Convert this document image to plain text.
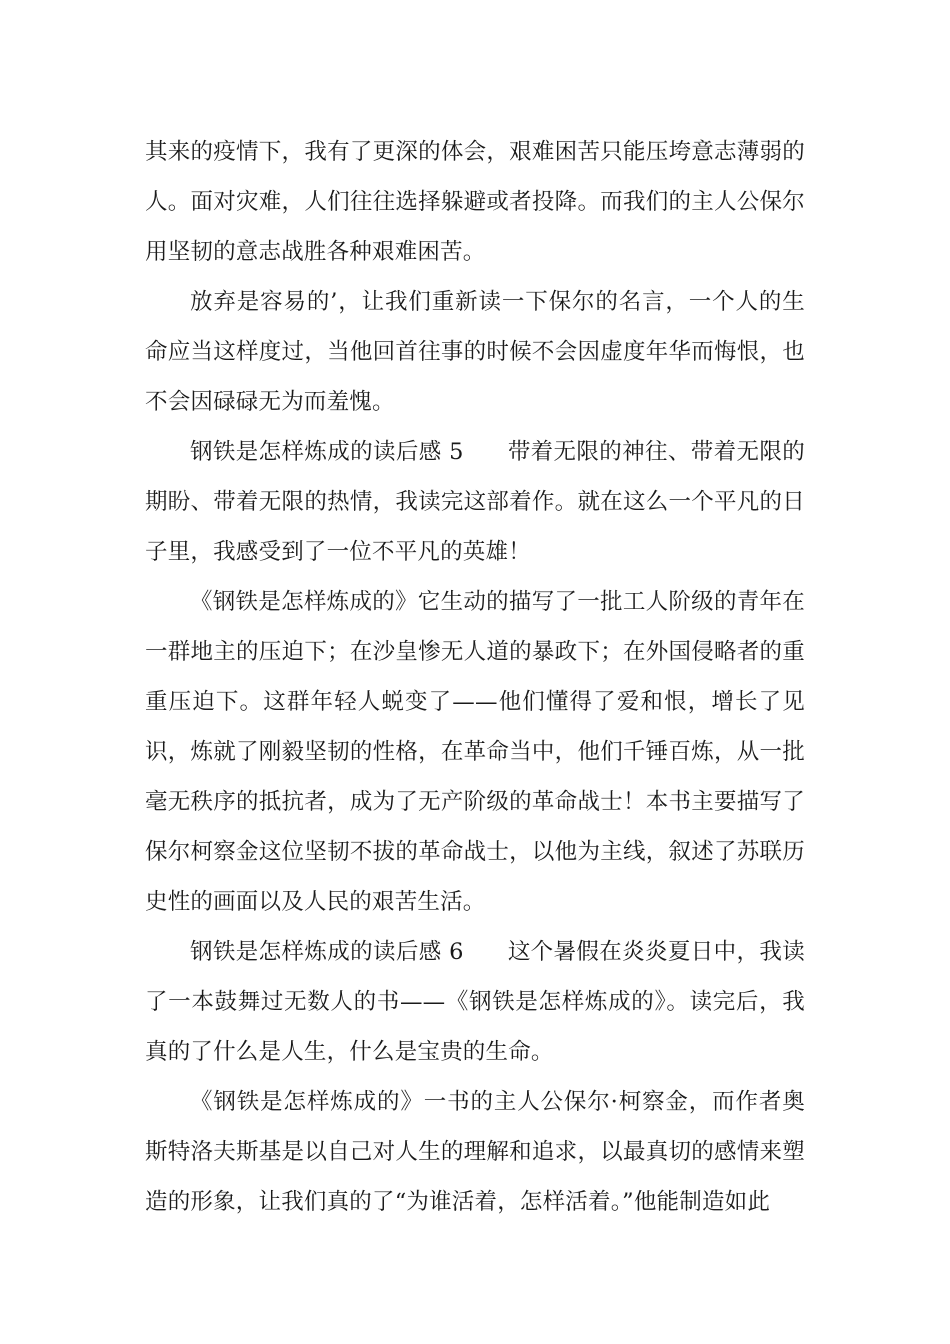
其来的疫情下，我有了更深的体会，艰难困苦只能压垮意志薄弱的人。面对灾难，人们往往选择躲避或者投降。而我们的主人公保尔用坚韧的意志战胜各种艰难困苦。

放弃是容易的’，让我们重新读一下保尔的名言，一个人的生命应当这样度过，当他回首往事的时候不会因虚度年华而悔恨，也不会因碌碌无为而羞愧。

钢铁是怎样炼成的读后感 5 带着无限的神往、带着无限的期盼、带着无限的热情，我读完这部着作。就在这么一个平凡的日子里，我感受到了一位不平凡的英雄！

《钢铁是怎样炼成的》它生动的描写了一批工人阶级的青年在一群地主的压迫下；在沙皇惨无人道的暴政下；在外国侵略者的重重压迫下。这群年轻人蜕变了——他们懂得了爱和恨，增长了见识，炼就了刚毅坚韧的性格，在革命当中，他们千锤百炼，从一批毫无秩序的抵抗者，成为了无产阶级的革命战士！本书主要描写了保尔柯察金这位坚韧不拔的革命战士，以他为主线，叙述了苏联历史性的画面以及人民的艰苦生活。

钢铁是怎样炼成的读后感 6 这个暑假在炎炎夏日中，我读了一本鼓舞过无数人的书——《钢铁是怎样炼成的》。读完后，我真的了什么是人生，什么是宝贵的生命。

《钢铁是怎样炼成的》一书的主人公保尔·柯察金，而作者奥斯特洛夫斯基是以自己对人生的理解和追求，以最真切的感情来塑造的形象，让我们真的了“为谁活着，怎样活着。”他能制造如此
